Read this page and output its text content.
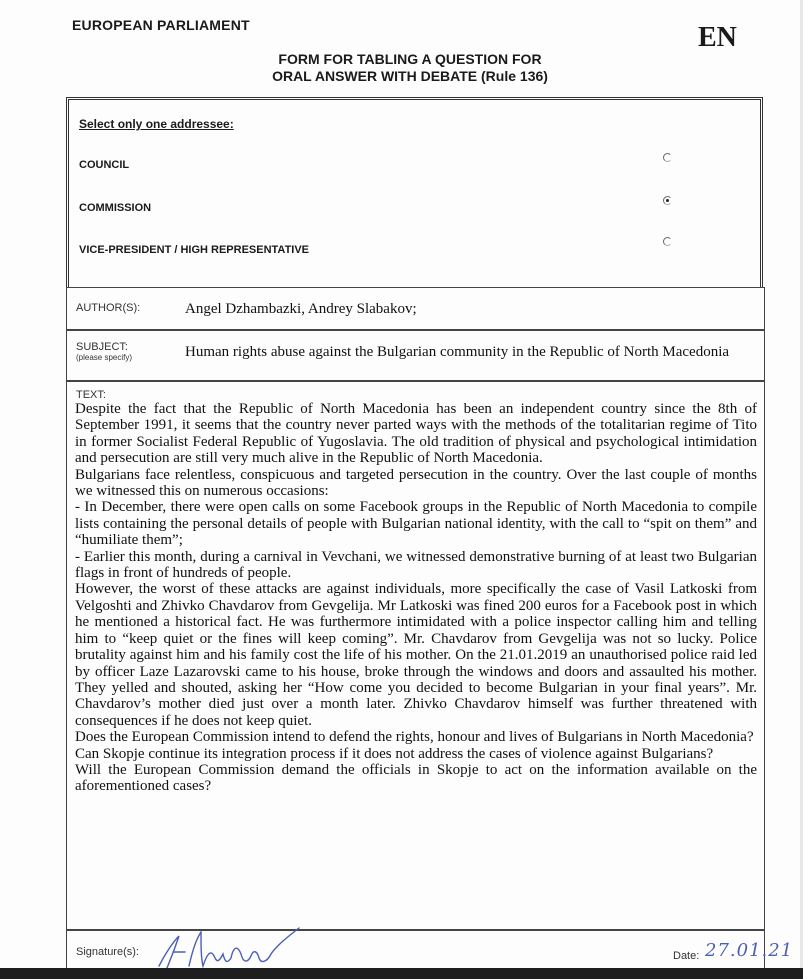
EUROPEAN PARLIAMENT	EN
FORM FOR TABLING A QUESTION FOR
ORAL ANSWER WITH DEBATE (Rule 136)
Select only one addressee:
COUNCIL
COMMISSION
VICE-PRESIDENT / HIGH REPRESENTATIVE
AUTHOR(S):	Angel Dzhambazki, Andrey Slabakov;
SUBJECT:
(please specify)	Human rights abuse against the Bulgarian community in the Republic of North Macedonia
TEXT:

Despite the fact that the Republic of North Macedonia has been an independent country since the 8th of September 1991, it seems that the country never parted ways with the methods of the totalitarian regime of Tito in former Socialist Federal Republic of Yugoslavia. The old tradition of physical and psychological intimidation and persecution are still very much alive in the Republic of North Macedonia.

Bulgarians face relentless, conspicuous and targeted persecution in the country. Over the last couple of months we witnessed this on numerous occasions:

- In December, there were open calls on some Facebook groups in the Republic of North Macedonia to compile lists containing the personal details of people with Bulgarian national identity, with the call to “spit on them” and “humiliate them”;

- Earlier this month, during a carnival in Vevchani, we witnessed demonstrative burning of at least two Bulgarian flags in front of hundreds of people.

However, the worst of these attacks are against individuals, more specifically the case of Vasil Latkoski from Velgoshti and Zhivko Chavdarov from Gevgelija. Mr Latkoski was fined 200 euros for a Facebook post in which he mentioned a historical fact. He was furthermore intimidated with a police inspector calling him and telling him to “keep quiet or the fines will keep coming”. Mr. Chavdarov from Gevgelija was not so lucky. Police brutality against him and his family cost the life of his mother. On the 21.01.2019 an unauthorised police raid led by officer Laze Lazarovski came to his house, broke through the windows and doors and assaulted his mother. They yelled and shouted, asking her “How come you decided to become Bulgarian in your final years”. Mr. Chavdarov’s mother died just over a month later. Zhivko Chavdarov himself was further threatened with consequences if he does not keep quiet.

Does the European Commission intend to defend the rights, honour and lives of Bulgarians in North Macedonia?

Can Skopje continue its integration process if it does not address the cases of violence against Bulgarians?

Will the European Commission demand the officials in Skopje to act on the information available on the aforementioned cases?

Signature(s):	Date: 27.01.21
